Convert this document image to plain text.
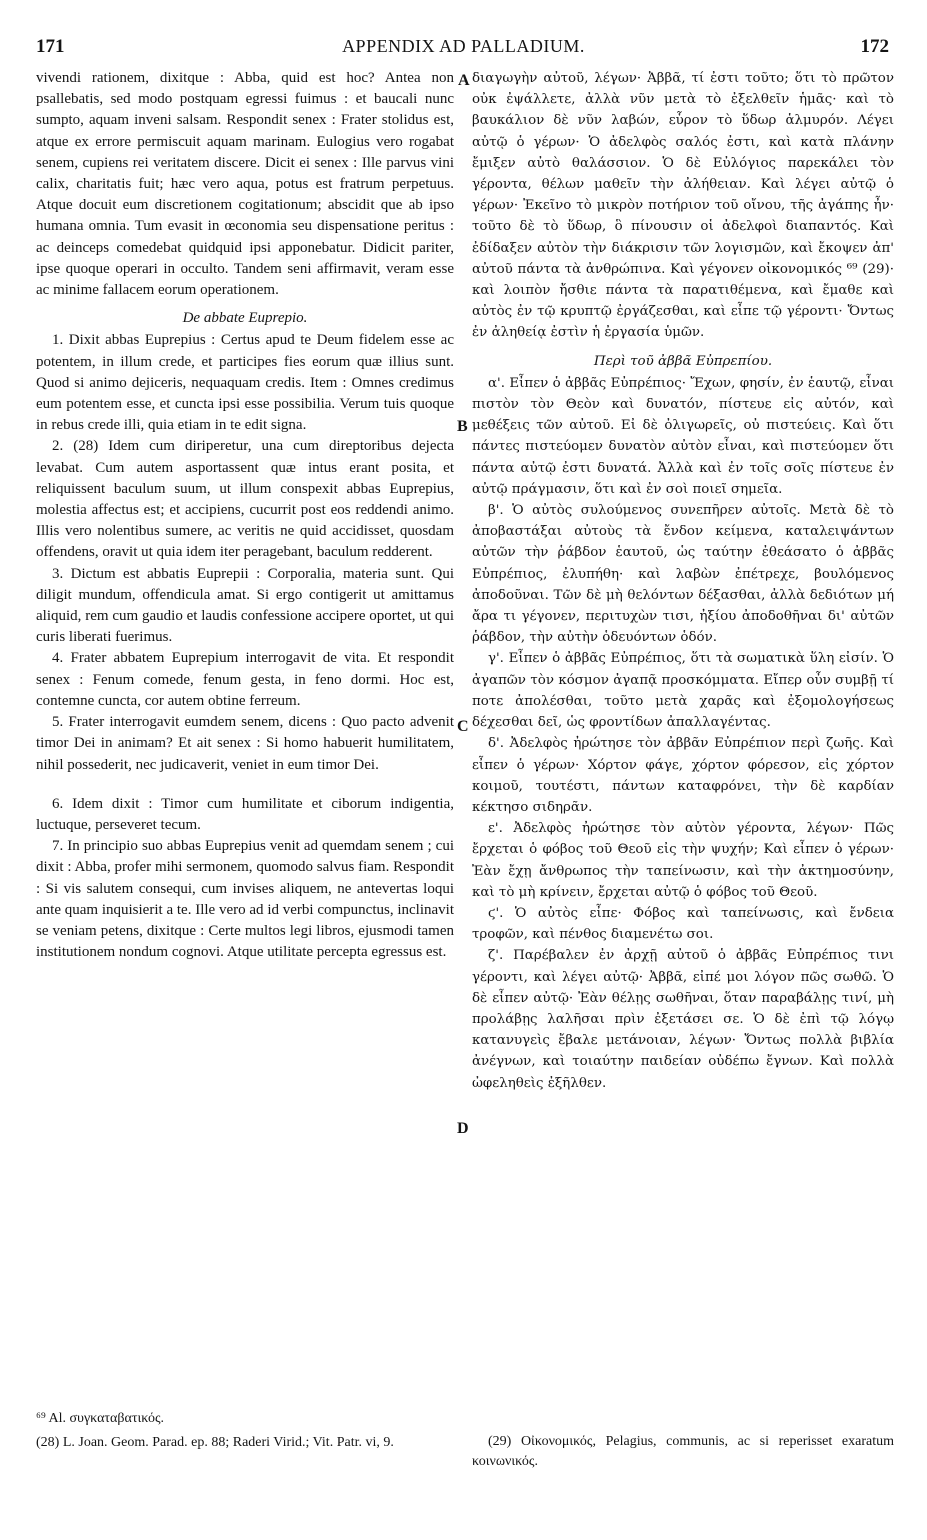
171	APPENDIX AD PALLADIUM.	172
A
B
C
D

vivendi rationem, dixitque : Abba, quid est hoc? Antea non psallebatis, sed modo postquam egressi fuimus : et baucali nunc sumpto, aquam inveni salsam. Respondit senex : Frater stolidus est, atque ex errore permiscuit aquam marinam. Eulogius vero rogabat senem, cupiens rei veritatem discere. Dicit ei senex : Ille parvus vini calix, charitatis fuit; hæc vero aqua, potus est fratrum perpetuus. Atque docuit eum discretionem cogitationum; abscidit que ab ipso humana omnia. Tum evasit in œconomia seu dispensatione peritus : ac deinceps comedebat quidquid ipsi apponebatur. Didicit pariter, ipse quoque operari in occulto. Tandem seni affirmavit, veram esse ac minime fallacem eorum operationem.

De abbate Euprepio.

1. Dixit abbas Euprepius : Certus apud te Deum fidelem esse ac potentem, in illum crede, et participes fies eorum quæ illius sunt. Quod si animo dejiceris, nequaquam credis. Item : Omnes credimus eum potentem esse, et cuncta ipsi esse possibilia. Verum tuis quoque in rebus crede illi, quia etiam in te edit signa.

2. (28) Idem cum diriperetur, una cum direptoribus dejecta levabat. Cum autem asportassent quæ intus erant posita, et reliquissent baculum suum, ut illum conspexit abbas Euprepius, molestia affectus est; et accipiens, cucurrit post eos reddendi animo. Illis vero nolentibus sumere, ac veritis ne quid accidisset, quosdam offendens, oravit ut quia idem iter peragebant, baculum redderent.

3. Dictum est abbatis Euprepii : Corporalia, materia sunt. Qui diligit mundum, offendicula amat. Si ergo contigerit ut amittamus aliquid, rem cum gaudio et laudis confessione accipere oportet, ut qui curis liberati fuerimus.

4. Frater abbatem Euprepium interrogavit de vita. Et respondit senex : Fenum comede, fenum gesta, in feno dormi. Hoc est, contemne cuncta, cor autem obtine ferreum.

5. Frater interrogavit eumdem senem, dicens : Quo pacto advenit timor Dei in animam? Et ait senex : Si homo habuerit humilitatem, nihil possederit, nec judicaverit, veniet in eum timor Dei.

6. Idem dixit : Timor cum humilitate et ciborum indigentia, luctuque, perseveret tecum.

7. In principio suo abbas Euprepius venit ad quemdam senem ; cui dixit : Abba, profer mihi sermonem, quomodo salvus fiam. Respondit : Si vis salutem consequi, cum invises aliquem, ne antevertas loqui ante quam inquisierit a te. Ille vero ad id verbi compunctus, inclinavit se veniam petens, dixitque : Certe multos legi libros, ejusmodi tamen institutionem nondum cognovi. Atque utilitate percepta egressus est.

διαγωγὴν αὐτοῦ, λέγων· Ἀββᾶ, τί ἐστι τοῦτο; ὅτι τὸ πρῶτον οὐκ ἐψάλλετε, ἀλλὰ νῦν μετὰ τὸ ἐξελθεῖν ἡμᾶς· καὶ τὸ βαυκάλιον δὲ νῦν λαβών, εὗρον τὸ ὕδωρ ἁλμυρόν. Λέγει αὐτῷ ὁ γέρων· Ὁ ἀδελφὸς σαλός ἐστι, καὶ κατὰ πλάνην ἔμιξεν αὐτὸ θαλάσσιον. Ὁ δὲ Εὐλόγιος παρεκάλει τὸν γέροντα, θέλων μαθεῖν τὴν ἀλήθειαν. Καὶ λέγει αὐτῷ ὁ γέρων· Ἐκεῖνο τὸ μικρὸν ποτήριον τοῦ οἴνου, τῆς ἀγάπης ἦν· τοῦτο δὲ τὸ ὕδωρ, ὃ πίνουσιν οἱ ἀδελφοὶ διαπαντός. Καὶ ἐδίδαξεν αὐτὸν τὴν διάκρισιν τῶν λογισμῶν, καὶ ἔκοψεν ἀπ' αὐτοῦ πάντα τὰ ἀνθρώπινα. Καὶ γέγονεν οἰκονομικός ⁶⁹ (29)· καὶ λοιπὸν ἤσθιε πάντα τὰ παρατιθέμενα, καὶ ἔμαθε καὶ αὐτὸς ἐν τῷ κρυπτῷ ἐργάζεσθαι, καὶ εἶπε τῷ γέροντι· Ὄντως ἐν ἀληθείᾳ ἐστὶν ἡ ἐργασία ὑμῶν.

Περὶ τοῦ ἀββᾶ Εὐπρεπίου.

α'. Εἶπεν ὁ ἀββᾶς Εὐπρέπιος· Ἔχων, φησίν, ἐν ἑαυτῷ, εἶναι πιστὸν τὸν Θεὸν καὶ δυνατόν, πίστευε εἰς αὐτόν, καὶ μεθέξεις τῶν αὐτοῦ. Εἰ δὲ ὀλιγωρεῖς, οὐ πιστεύεις. Καὶ ὅτι πάντες πιστεύομεν δυνατὸν αὐτὸν εἶναι, καὶ πιστεύομεν ὅτι πάντα αὐτῷ ἐστι δυνατά. Ἀλλὰ καὶ ἐν τοῖς σοῖς πίστευε ἐν αὐτῷ πράγμασιν, ὅτι καὶ ἐν σοὶ ποιεῖ σημεῖα.

β'. Ὁ αὐτὸς συλούμενος συνεπῆρεν αὐτοῖς. Μετὰ δὲ τὸ ἀποβαστάξαι αὐτοὺς τὰ ἔνδον κείμενα, καταλειψάντων αὐτῶν τὴν ῥάβδον ἑαυτοῦ, ὡς ταύτην ἐθεάσατο ὁ ἀββᾶς Εὐπρέπιος, ἐλυπήθη· καὶ λαβὼν ἐπέτρεχε, βουλόμενος ἀποδοῦναι. Τῶν δὲ μὴ θελόντων δέξασθαι, ἀλλὰ δεδιότων μή ἄρα τι γέγονεν, περιτυχὼν τισι, ἠξίου ἀποδοθῆναι δι' αὐτῶν ῥάβδον, τὴν αὐτὴν ὁδευόντων ὁδόν.

γ'. Εἶπεν ὁ ἀββᾶς Εὐπρέπιος, ὅτι τὰ σωματικὰ ὕλη εἰσίν. Ὁ ἀγαπῶν τὸν κόσμον ἀγαπᾷ προσκόμματα. Εἴπερ οὖν συμβῇ τί ποτε ἀπολέσθαι, τοῦτο μετὰ χαρᾶς καὶ ἐξομολογήσεως δέχεσθαι δεῖ, ὡς φροντίδων ἀπαλλαγέντας.

δ'. Ἀδελφὸς ἠρώτησε τὸν ἀββᾶν Εὐπρέπιον περὶ ζωῆς. Καὶ εἶπεν ὁ γέρων· Χόρτον φάγε, χόρτον φόρεσον, εἰς χόρτον κοιμοῦ, τουτέστι, πάντων καταφρόνει, τὴν δὲ καρδίαν κέκτησο σιδηρᾶν.

ε'. Ἀδελφὸς ἠρώτησε τὸν αὐτὸν γέροντα, λέγων· Πῶς ἔρχεται ὁ φόβος τοῦ Θεοῦ εἰς τὴν ψυχήν; Καὶ εἶπεν ὁ γέρων· Ἐὰν ἔχῃ ἄνθρωπος τὴν ταπείνωσιν, καὶ τὴν ἀκτημοσύνην, καὶ τὸ μὴ κρίνειν, ἔρχεται αὐτῷ ὁ φόβος τοῦ Θεοῦ.

ϛ'. Ὁ αὐτὸς εἶπε· Φόβος καὶ ταπείνωσις, καὶ ἔνδεια τροφῶν, καὶ πένθος διαμενέτω σοι.

ζ'. Παρέβαλεν ἐν ἀρχῇ αὐτοῦ ὁ ἀββᾶς Εὐπρέπιος τινι γέροντι, καὶ λέγει αὐτῷ· Ἀββᾶ, εἰπέ μοι λόγον πῶς σωθῶ. Ὁ δὲ εἶπεν αὐτῷ· Ἐὰν θέλῃς σωθῆναι, ὅταν παραβάλῃς τινί, μὴ προλάβῃς λαλῆσαι πρὶν ἐξετάσει σε. Ὁ δὲ ἐπὶ τῷ λόγῳ κατανυγεὶς ἔβαλε μετάνοιαν, λέγων· Ὄντως πολλὰ βιβλία ἀνέγνων, καὶ τοιαύτην παιδείαν οὐδέπω ἔγνων. Καὶ πολλὰ ὠφεληθεὶς ἐξῆλθεν.

⁶⁹ Al. συγκαταβατικός.

(28) L. Joan. Geom. Parad. ep. 88; Raderi Virid.; Vit. Patr. vi, 9.	(29) Οἰκονομικός, Pelagius, communis, ac si reperisset exaratum κοινωνικός.
